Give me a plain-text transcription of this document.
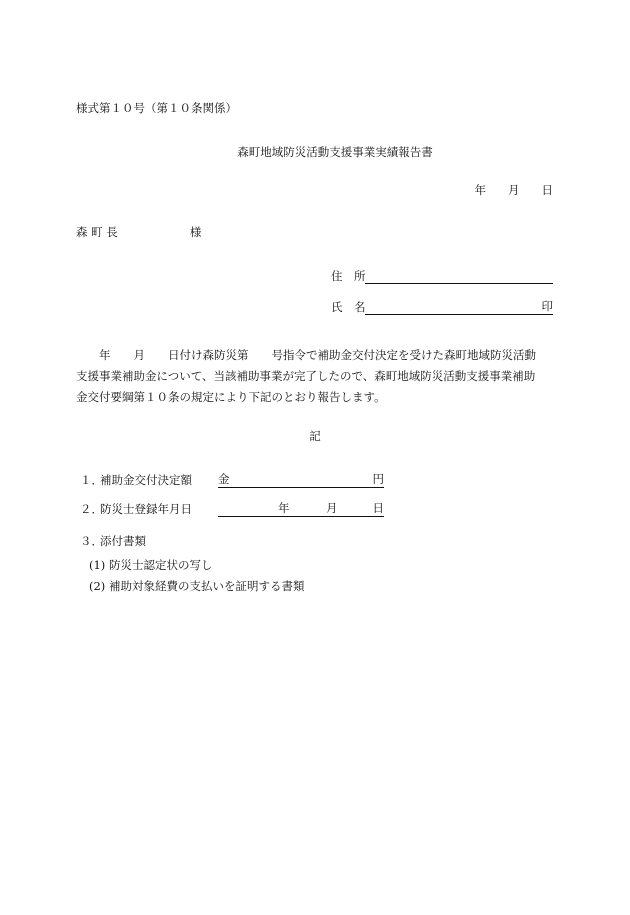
様式第１０号（第１０条関係）
森町地域防災活動支援事業実績報告書
年 月 日
森 町 長	様
住　所
氏　名	印

　　年　　月　　日付け森防災第　　号指令で補助金交付決定を受けた森町地域防災活動

支援事業補助金について、当該補助事業が完了したので、森町地域防災活動支援事業補助

金交付要綱第１０条の規定により下記のとおり報告します。

記
１．補助金交付決定額 金	円
２．防災士登録年月日	年	月	日
３．添付書類
(1) 防災士認定状の写し
(2) 補助対象経費の支払いを証明する書類
